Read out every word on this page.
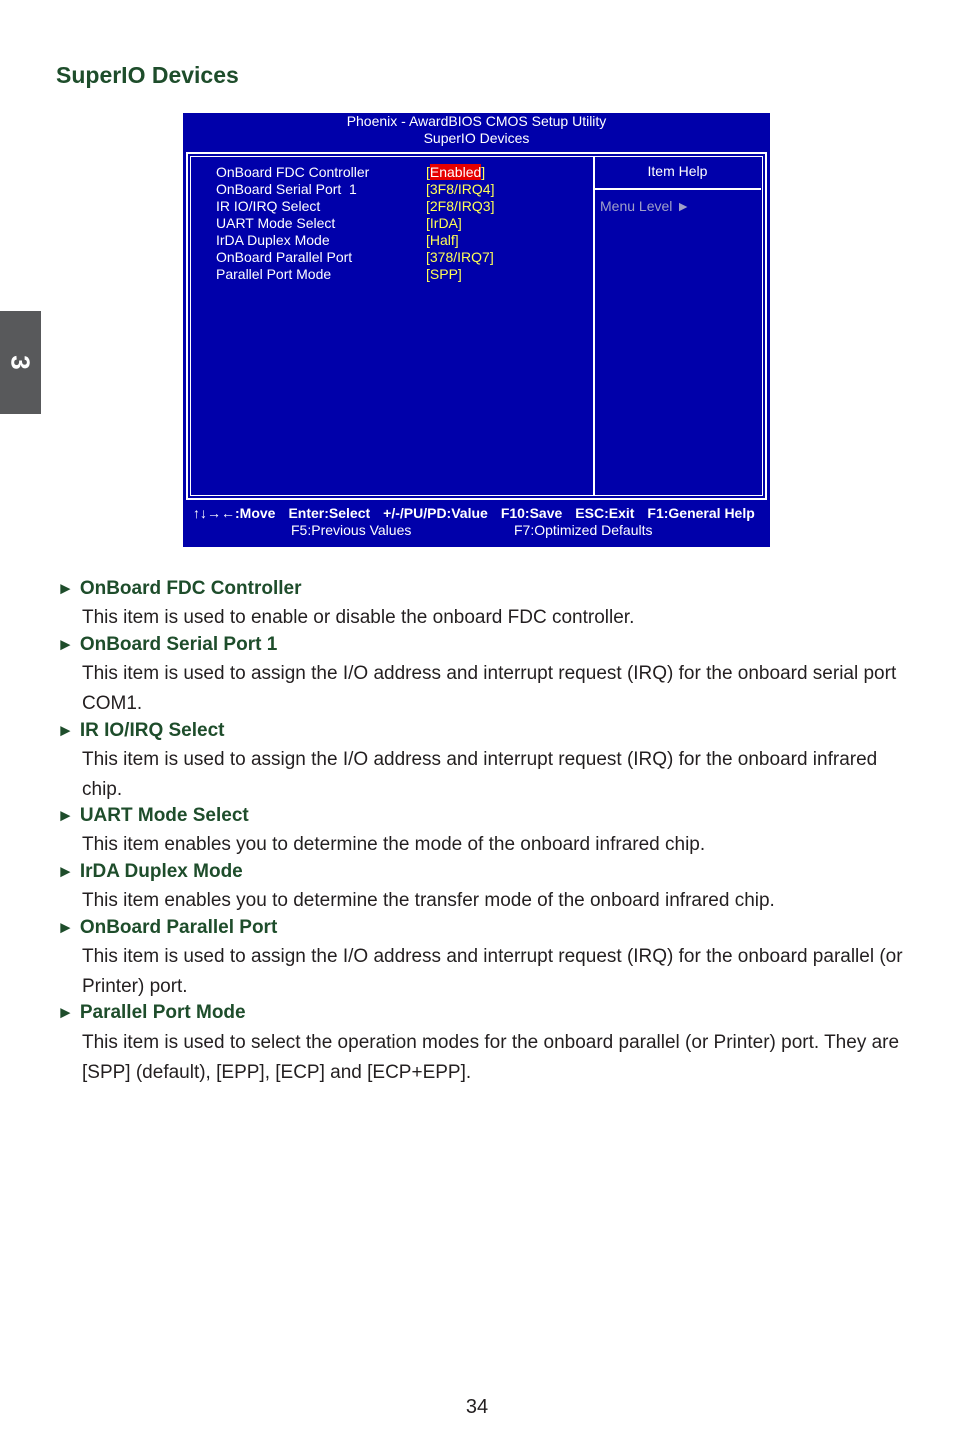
3
SuperIO Devices
Phoenix - AwardBIOS CMOS Setup Utility
SuperIO Devices
OnBoard FDC Controller	[Enabled]
OnBoard Serial Port  1	[3F8/IRQ4]
IR IO/IRQ Select	[2F8/IRQ3]
UART Mode Select	[IrDA]
IrDA Duplex Mode	[Half]
OnBoard Parallel Port	[378/IRQ7]
Parallel Port Mode	[SPP]
Item Help
Menu Level ►
↑↓→←:Move Enter:Select +/-/PU/PD:Value F10:Save ESC:Exit F1:General Help
F5:Previous Values	F7:Optimized Defaults
► OnBoard FDC Controller
This item is used to enable or disable the onboard FDC controller.
► OnBoard Serial Port 1
This item is used to assign the I/O address and interrupt request (IRQ) for the onboard serial port COM1.
► IR IO/IRQ Select
This item is used to assign the I/O address and interrupt request (IRQ) for the onboard infrared chip.
► UART Mode Select
This item enables you to determine the mode of the onboard infrared chip.
► IrDA Duplex Mode
This item enables you to determine the transfer mode of the onboard infrared chip.
► OnBoard Parallel Port
This item is used to assign the I/O address and interrupt request (IRQ) for the onboard parallel (or Printer) port.
► Parallel Port Mode
This item is used to select the operation modes for the onboard parallel (or Printer) port. They are [SPP] (default), [EPP], [ECP] and [ECP+EPP].
34
